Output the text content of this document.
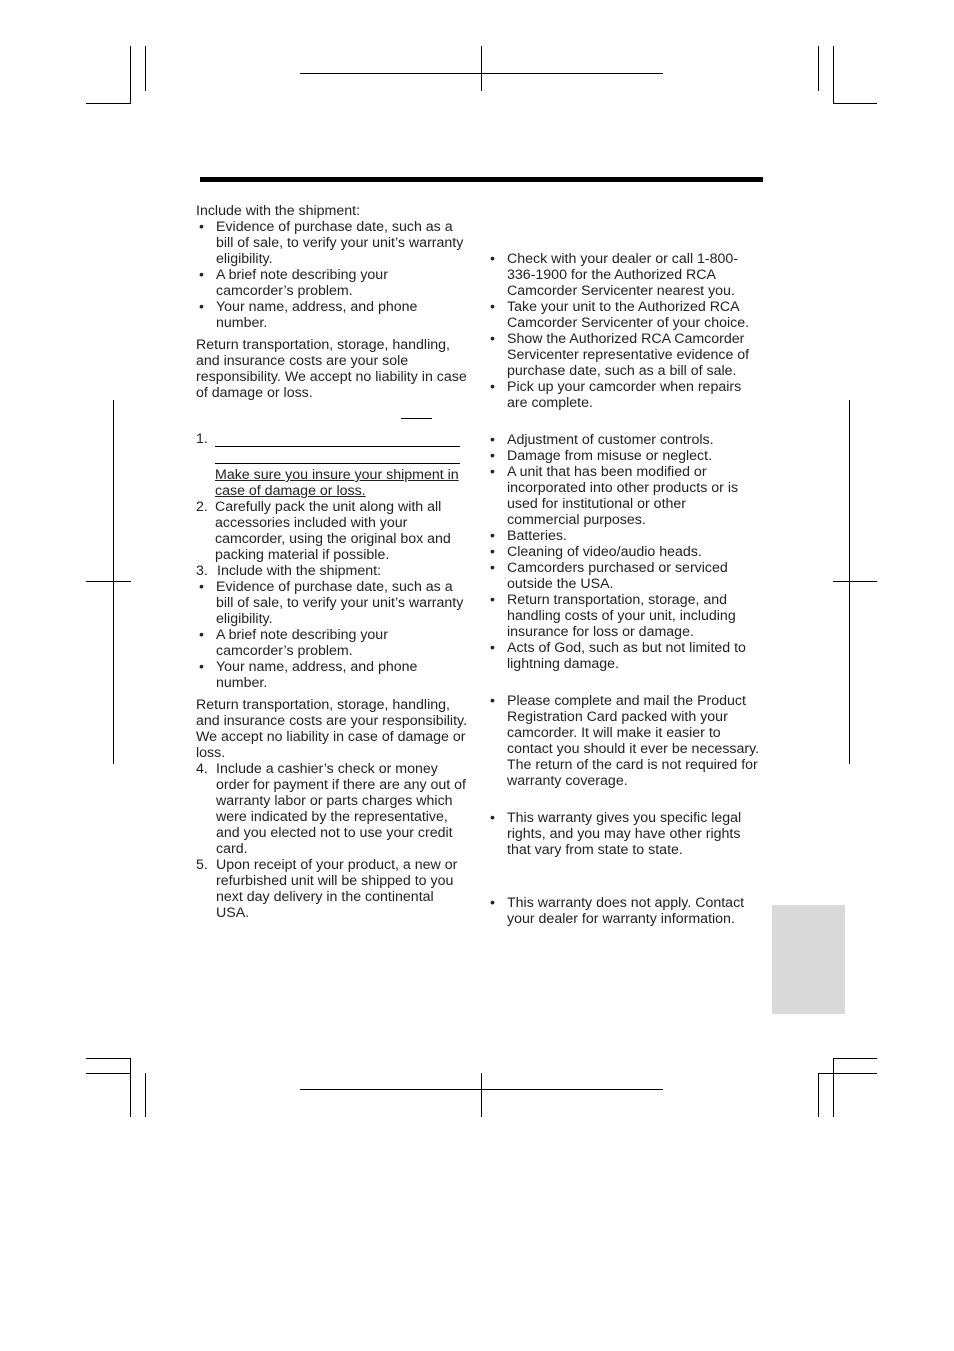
Include with the shipment:

• Evidence of purchase date, such as a bill of sale, to verify your unit’s warranty eligibility.
• A brief note describing your camcorder’s problem.
• Your name, address, and phone number.

Return transportation, storage, handling, and insurance costs are your sole responsibility. We accept no liability in case of damage or loss.

1.
Make sure you insure your shipment in case of damage or loss.
2. Carefully pack the unit along with all accessories included with your camcorder, using the original box and packing material if possible.
3. Include with the shipment:
• Evidence of purchase date, such as a bill of sale, to verify your unit’s warranty eligibility.
• A brief note describing your camcorder’s problem.
• Your name, address, and phone number.

Return transportation, storage, handling, and insurance costs are your responsibility. We accept no liability in case of damage or loss.

4. Include a cashier’s check or money order for payment if there are any out of warranty labor or parts charges which were indicated by the representative, and you elected not to use your credit card.
5. Upon receipt of your product, a new or refurbished unit will be shipped to you next day delivery in the continental USA.
• Check with your dealer or call 1-800-336-1900 for the Authorized RCA Camcorder Servicenter nearest you.
• Take your unit to the Authorized RCA Camcorder Servicenter of your choice.
• Show the Authorized RCA Camcorder Servicenter representative evidence of purchase date, such as a bill of sale.
• Pick up your camcorder when repairs are complete.
• Adjustment of customer controls.
• Damage from misuse or neglect.
• A unit that has been modified or incorporated into other products or is used for institutional or other commercial purposes.
• Batteries.
• Cleaning of video/audio heads.
• Camcorders purchased or serviced outside the USA.
• Return transportation, storage, and handling costs of your unit, including insurance for loss or damage.
• Acts of God, such as but not limited to lightning damage.
• Please complete and mail the Product Registration Card packed with your camcorder. It will make it easier to contact you should it ever be necessary. The return of the card is not required for warranty coverage.
• This warranty gives you specific legal rights, and you may have other rights that vary from state to state.
• This warranty does not apply. Contact your dealer for warranty information.
